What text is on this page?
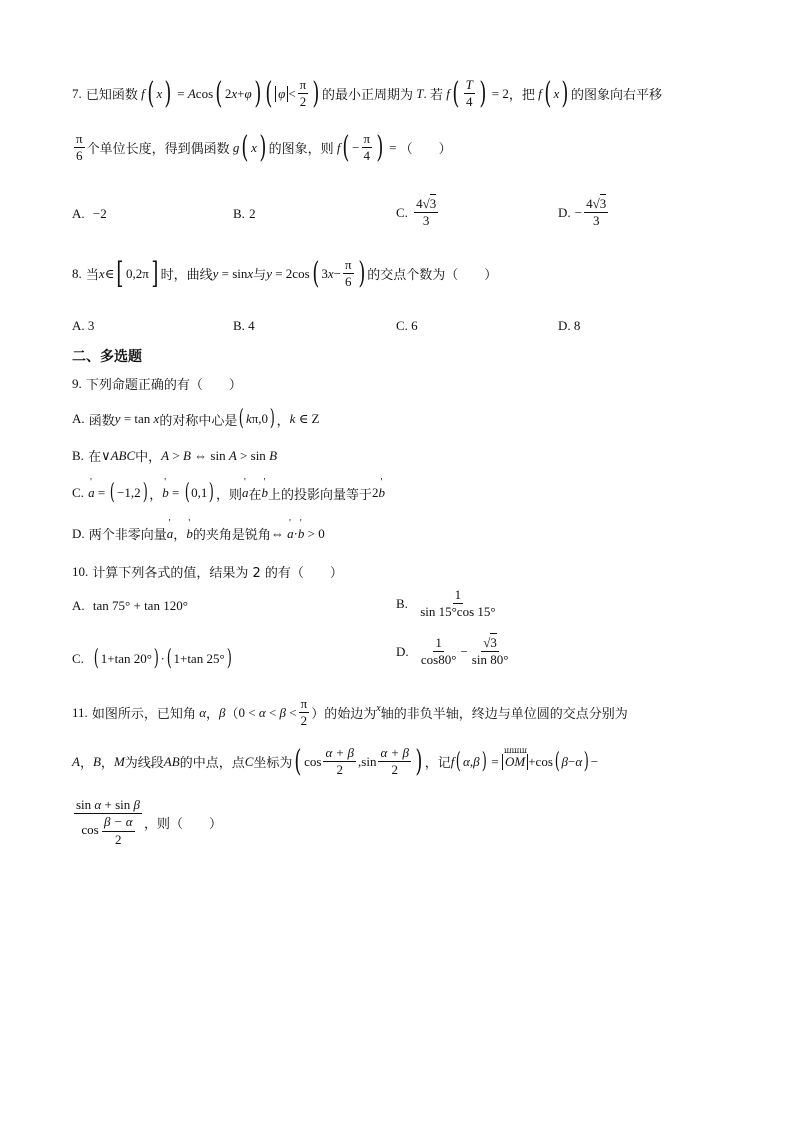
7.
已知函数 f ( x ) = A cos ( 2 x + φ ) ( $\varphi < \frac{\pi}{2}$ ) 的最小正周期为 T . 若 f ( $\frac{T}{4}$ ) = 2 ，把 f ( x ) 的图象向右平移
$\frac{\pi}{6}$ 个单位长度，得到偶函数 g ( x ) 的图象，则 f ( − $\frac{\pi}{4}$ ) = （　　）
A.
−2	B.
2	C.
$\frac{4√3}{3}$	D.
− $\frac{4√3}{3}$
8.
当 x ∈ [ 0,2π ] 时，曲线 y = sin x 与 y = 2cos ( 3 $x - \frac{\pi}{6}$ ) 的交点个数为（　　）
A. 3	B. 4	C. 6	D. 8
二、多选题
9.
下列命题正确的有（　　）
A.
函数 y = tan x 的对称中心是 ( k π,0 ) ， k ∈ Z
B.
在 ∨ ABC 中， A > B ⇔ sin A > sin B
C.
' a = ( −1,2 ) ， ' b = ( 0,1 ) ，则 ' a 在 ' b 上的投影向量等于 2 ' b
D.
两个非零向量 ' a ， ' b 的夹角是锐角 ⇔ ' a · ' b > 0
10.
计算下列各式的值，结果为 2 的有（　　）
A.
tan 75° + tan 120°	B.
$\frac{1}{\sin 15^\circ\cos 15^\circ}$
C.
( 1+tan 20° ) · ( 1+tan 25° )	D.
$\frac{1}{\cos 80^\circ} - \frac{√3}{\sin 80^\circ}$
11.
如图所示，已知角 α ， β （ $0 < \alpha < \beta < \frac{\pi}{2}$ ） 的始边为 x 轴的非负半轴，终边与单位圆的交点分别为
A ， B ， M 为线段 AB 的中点，点 C 坐标为 ( $\cos \frac{\alpha + \beta}{2} ,\sin \frac{\alpha + \beta}{2}$ ) ， 记 f ( α , β ) =
ꟺꟺꟺ
OM +cos ( β − α ) −
$\frac{\text{sin α + sin β}}{\cos \frac{\beta - \alpha}{2}}$ ，则（　　）
